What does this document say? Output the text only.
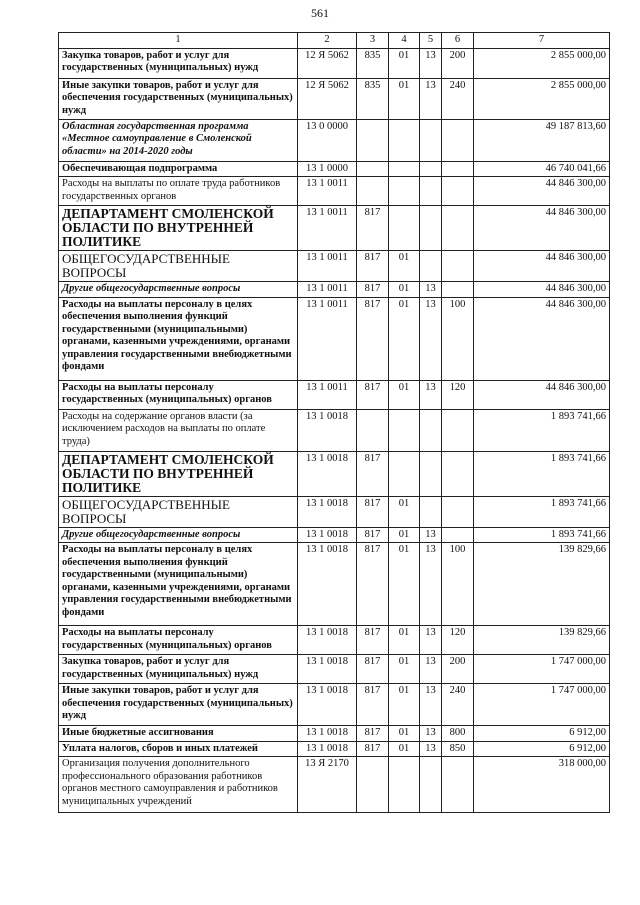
561
1	2	3	4	5	6	7
Закупка товаров, работ и услуг для государственных (муниципальных) нужд	12 Я 5062	835	01	13	200	2 855 000,00
Иные закупки товаров, работ и услуг для обеспечения государственных (муниципальных) нужд	12 Я 5062	835	01	13	240	2 855 000,00
Областная государственная программа «Местное самоуправление в Смоленской области» на 2014-2020 годы	13 0 0000					49 187 813,60
Обеспечивающая подпрограмма	13 1 0000					46 740 041,66
Расходы на выплаты по оплате труда работников государственных органов	13 1 0011					44 846 300,00
ДЕПАРТАМЕНТ СМОЛЕНСКОЙ ОБЛАСТИ ПО ВНУТРЕННЕЙ ПОЛИТИКЕ	13 1 0011	817				44 846 300,00
ОБЩЕГОСУДАРСТВЕННЫЕ ВОПРОСЫ	13 1 0011	817	01			44 846 300,00
Другие общегосударственные вопросы	13 1 0011	817	01	13		44 846 300,00
Расходы на выплаты персоналу в целях обеспечения выполнения функций государственными (муниципальными) органами, казенными учреждениями, органами управления государственными внебюджетными фондами	13 1 0011	817	01	13	100	44 846 300,00
Расходы на выплаты персоналу государственных (муниципальных) органов	13 1 0011	817	01	13	120	44 846 300,00
Расходы на содержание органов власти (за исключением расходов на выплаты по оплате труда)	13 1 0018					1 893 741,66
ДЕПАРТАМЕНТ СМОЛЕНСКОЙ ОБЛАСТИ ПО ВНУТРЕННЕЙ ПОЛИТИКЕ	13 1 0018	817				1 893 741,66
ОБЩЕГОСУДАРСТВЕННЫЕ ВОПРОСЫ	13 1 0018	817	01			1 893 741,66
Другие общегосударственные вопросы	13 1 0018	817	01	13		1 893 741,66
Расходы на выплаты персоналу в целях обеспечения выполнения функций государственными (муниципальными) органами, казенными учреждениями, органами управления государственными внебюджетными фондами	13 1 0018	817	01	13	100	139 829,66
Расходы на выплаты персоналу государственных (муниципальных) органов	13 1 0018	817	01	13	120	139 829,66
Закупка товаров, работ и услуг для государственных (муниципальных) нужд	13 1 0018	817	01	13	200	1 747 000,00
Иные закупки товаров, работ и услуг для обеспечения государственных (муниципальных) нужд	13 1 0018	817	01	13	240	1 747 000,00
Иные бюджетные ассигнования	13 1 0018	817	01	13	800	6 912,00
Уплата налогов, сборов и иных платежей	13 1 0018	817	01	13	850	6 912,00
Организация получения дополнительного профессионального образования работников органов местного самоуправления и работников муниципальных учреждений	13 Я 2170					318 000,00
